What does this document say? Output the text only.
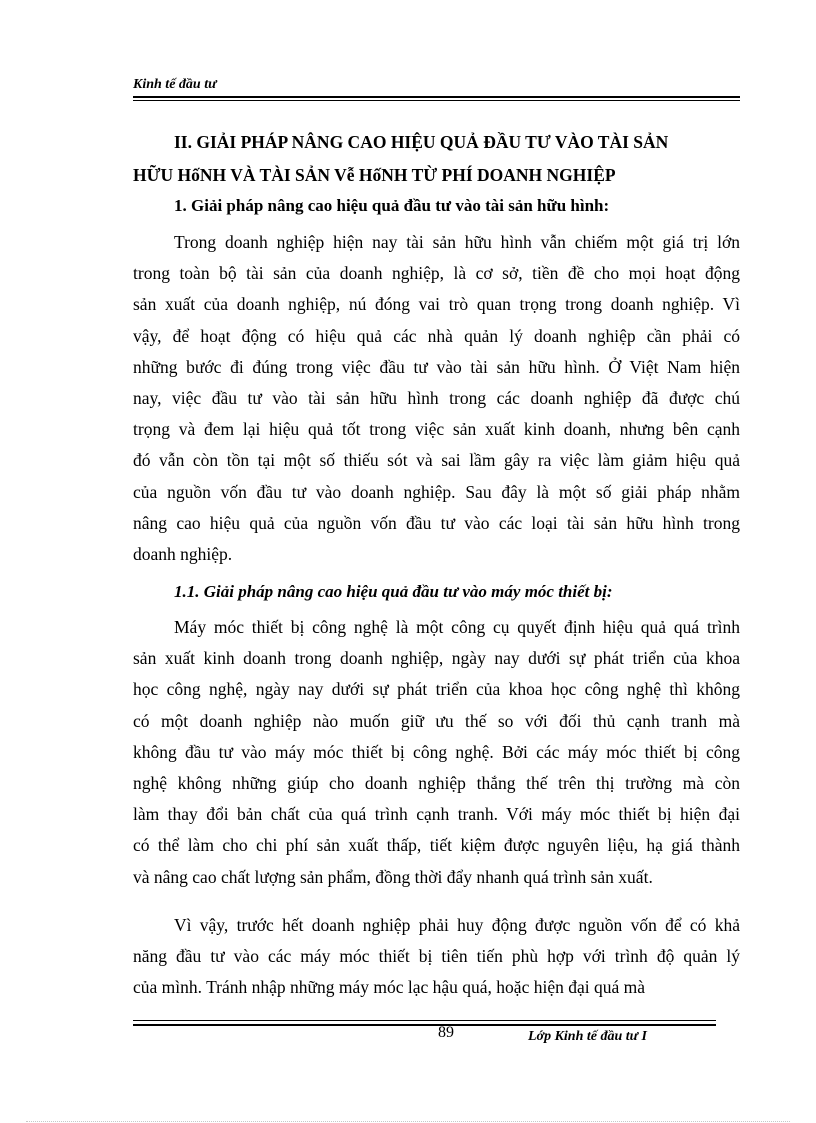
Kinh tế đầu tư
II. GIẢI PHÁP NÂNG CAO HIỆU QUẢ ĐẦU TƯ VÀO TÀI SẢN
HỮU HốNH VÀ TÀI SẢN Vễ HốNH TỪ PHÍ DOANH NGHIỆP
1. Giải pháp nâng cao hiệu quả đầu tư vào tài sản hữu hình:
Trong doanh nghiệp hiện nay tài sản hữu hình vẫn chiếm một giá trị lớn
trong toàn bộ tài sản của doanh nghiệp, là cơ sở, tiền đề cho mọi hoạt động
sản xuất của doanh nghiệp, nú đóng vai trò quan trọng trong doanh nghiệp. Vì
vậy, để hoạt động có hiệu quả các nhà quản lý doanh nghiệp cần phải có
những bước đi đúng trong việc đầu tư vào tài sản hữu hình. Ở Việt Nam hiện
nay, việc đầu tư vào tài sản hữu hình trong các doanh nghiệp đã được chú
trọng và đem lại hiệu quả tốt trong việc sản xuất kinh doanh, nhưng bên cạnh
đó vẫn còn tồn tại một số thiếu sót và sai lầm gây ra việc làm giảm hiệu quả
của nguồn vốn đầu tư vào doanh nghiệp. Sau đây là một số giải pháp nhằm
nâng cao hiệu quả của nguồn vốn đầu tư vào các loại tài sản hữu hình trong
doanh nghiệp.
1.1. Giải pháp nâng cao hiệu quả đầu tư vào máy móc thiết bị:
Máy móc thiết bị công nghệ là một công cụ quyết định hiệu quả quá trình
sản xuất kinh doanh trong doanh nghiệp, ngày nay dưới sự phát triển của khoa
học công nghệ, ngày nay dưới sự phát triển của khoa học công nghệ thì không
có một doanh nghiệp nào muốn giữ ưu thế so với đối thủ cạnh tranh mà
không đầu tư vào máy móc thiết bị công nghệ. Bởi các máy móc thiết bị công
nghệ không những giúp cho doanh nghiệp thắng thế trên thị trường mà còn
làm thay đổi bản chất của quá trình cạnh tranh. Với máy móc thiết bị hiện đại
có thể làm cho chi phí sản xuất thấp, tiết kiệm được nguyên liệu, hạ giá thành
và nâng cao chất lượng sản phẩm, đồng thời đẩy nhanh quá trình sản xuất.
Vì vậy, trước hết doanh nghiệp phải huy động được nguồn vốn để có khả
năng đầu tư vào các máy móc thiết bị tiên tiến phù hợp với trình độ quản lý
của mình. Tránh nhập những máy móc lạc hậu quá, hoặc hiện đại quá mà
89	Lớp Kinh tế đầu tư I
